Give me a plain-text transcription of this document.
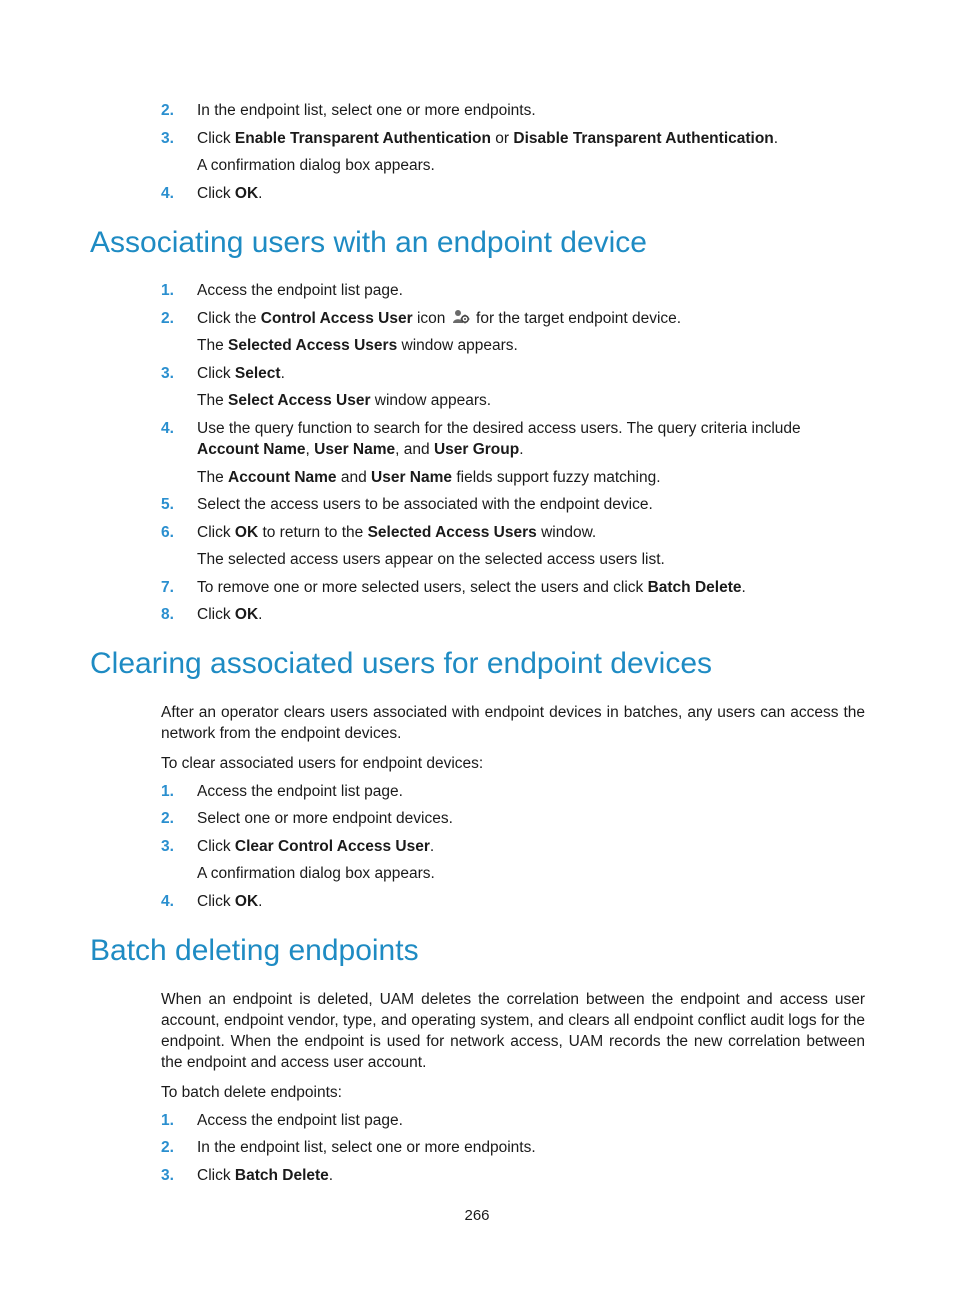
2.	In the endpoint list, select one or more endpoints.
3.	Click Enable Transparent Authentication or Disable Transparent Authentication.
A confirmation dialog box appears.
4.	Click OK.
Associating users with an endpoint device
1.	Access the endpoint list page.
2.	Click the Control Access User icon  for the target endpoint device.
The Selected Access Users window appears.
3.	Click Select.
The Select Access User window appears.
4.	Use the query function to search for the desired access users. The query criteria include Account Name, User Name, and User Group.
The Account Name and User Name fields support fuzzy matching.
5.	Select the access users to be associated with the endpoint device.
6.	Click OK to return to the Selected Access Users window.
The selected access users appear on the selected access users list.
7.	To remove one or more selected users, select the users and click Batch Delete.
8.	Click OK.
Clearing associated users for endpoint devices
After an operator clears users associated with endpoint devices in batches, any users can access the network from the endpoint devices.
To clear associated users for endpoint devices:
1.	Access the endpoint list page.
2.	Select one or more endpoint devices.
3.	Click Clear Control Access User.
A confirmation dialog box appears.
4.	Click OK.
Batch deleting endpoints
When an endpoint is deleted, UAM deletes the correlation between the endpoint and access user account, endpoint vendor, type, and operating system, and clears all endpoint conflict audit logs for the endpoint. When the endpoint is used for network access, UAM records the new correlation between the endpoint and access user account.
To batch delete endpoints:
1.	Access the endpoint list page.
2.	In the endpoint list, select one or more endpoints.
3.	Click Batch Delete.
266
